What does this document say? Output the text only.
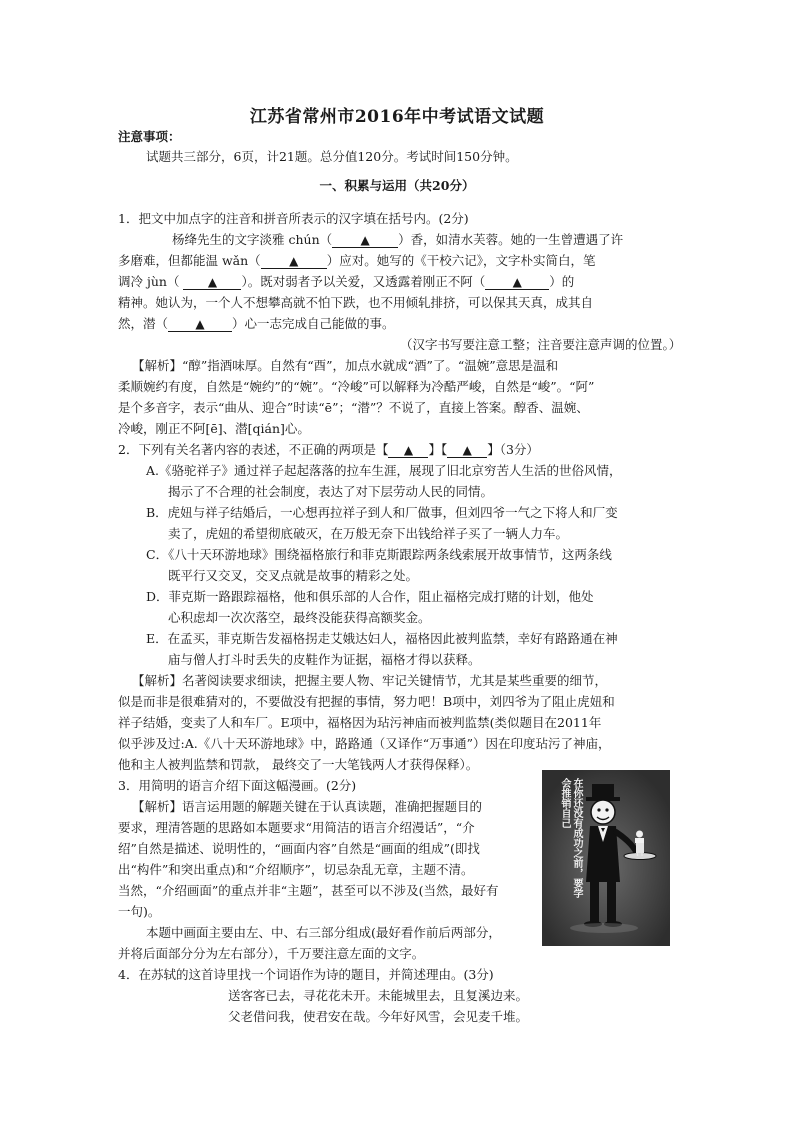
江苏省常州市2016年中考试语文试题
注意事项：
试题共三部分，6页，计21题。总分值120分。考试时间150分钟。
一、积累与运用（共20分）
1．把文中加点字的注音和拼音所表示的汉字填在括号内。(2分)
杨绛先生的文字淡雅 chún（ ▲ ）香，如清水芙蓉。她的一生曾遭遇了许
多磨难，但都能温 wǎn（ ▲ ）应对。她写的《干校六记》，文字朴实简白，笔
调冷 jùn（ ▲ ）。既对弱者予以关爱，又透露着刚正不阿（ ▲ ）的
精神。她认为，一个人不想攀高就不怕下跌，也不用倾轧排挤，可以保其天真，成其自
然，潜（ ▲ ）心一志完成自己能做的事。
（汉字书写要注意工整；注音要注意声调的位置。）
【解析】“醇”指酒味厚。自然有“酉”，加点水就成“酒”了。“温婉”意思是温和
柔顺婉约有度，自然是“婉约”的“婉”。“冷峻”可以解释为冷酷严峻，自然是“峻”。“阿”
是个多音字，表示“曲从、迎合”时读“ē”；“潜”？不说了，直接上答案。醇香、温婉、
冷峻，刚正不阿[ē]、潜[qián]心。
2．下列有关名著内容的表述，不正确的两项是【 ▲ 】【 ▲ 】（3分）
A.《骆驼祥子》通过祥子起起落落的拉车生涯，展现了旧北京穷苦人生活的世俗风情，
揭示了不合理的社会制度，表达了对下层劳动人民的同情。
B．虎妞与祥子结婚后，一心想再拉祥子到人和厂做事，但刘四爷一气之下将人和厂变
卖了，虎妞的希望彻底破灭，在万般无奈下出钱给祥子买了一辆人力车。
C．《八十天环游地球》围绕福格旅行和菲克斯跟踪两条线索展开故事情节，这两条线
既平行又交叉，交叉点就是故事的精彩之处。
D．菲克斯一路跟踪福格，他和俱乐部的人合作，阻止福格完成打赌的计划，他处
心积虑却一次次落空，最终没能获得高额奖金。
E．在孟买，菲克斯告发福格拐走艾娥达妇人，福格因此被判监禁，幸好有路路通在神
庙与僧人打斗时丢失的皮鞋作为证据，福格才得以获释。
【解析】名著阅读要求细读，把握主要人物、牢记关键情节，尤其是某些重要的细节，
似是而非是很难猜对的，不要做没有把握的事情，努力吧！B项中，刘四爷为了阻止虎妞和
祥子结婚，变卖了人和车厂。E项中，福格因为玷污神庙而被判监禁(类似题目在2011年
似乎涉及过:A.《八十天环游地球》中，路路通（又译作“万事通”）因在印度玷污了神庙，
他和主人被判监禁和罚款， 最终交了一大笔钱两人才获得保释）。
3．用简明的语言介绍下面这幅漫画。(2分)
【解析】语言运用题的解题关键在于认真读题，准确把握题目的
要求，理清答题的思路如本题要求“用简洁的语言介绍漫话”，“介
绍”自然是描述、说明性的，“画面内容”自然是“画面的组成”(即找
出“构件”和突出重点)和“介绍顺序”，切忌杂乱无章，主题不清。
当然，“介绍画面”的重点并非“主题”，甚至可以不涉及(当然，最好有
一句)。
本题中画面主要由左、中、右三部分组成(最好看作前后两部分，
并将后面部分分为左右部分），千万要注意左面的文字。
在你还没有成功之前，要学会推销自己
4．在苏轼的这首诗里找一个词语作为诗的题目，并简述理由。(3分)
送客客已去，寻花花未开。未能城里去，且复溪边来。
父老借问我，使君安在哉。今年好风雪，会见麦千堆。
